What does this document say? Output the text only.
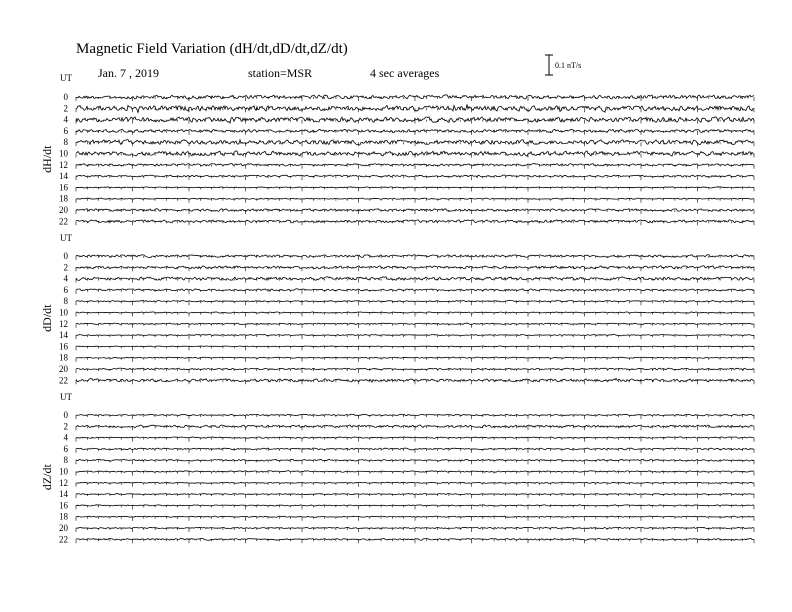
Magnetic Field Variation (dH/dt,dD/dt,dZ/dt)
Jan. 7 , 2019	station=MSR	4 sec averages
0.1 nT/s
UT
dH/dt
0
2
4
6
8
10
12
14
16
18
20
22
UT
dD/dt
0
2
4
6
8
10
12
14
16
18
20
22
UT
dZ/dt
0
2
4
6
8
10
12
14
16
18
20
22
